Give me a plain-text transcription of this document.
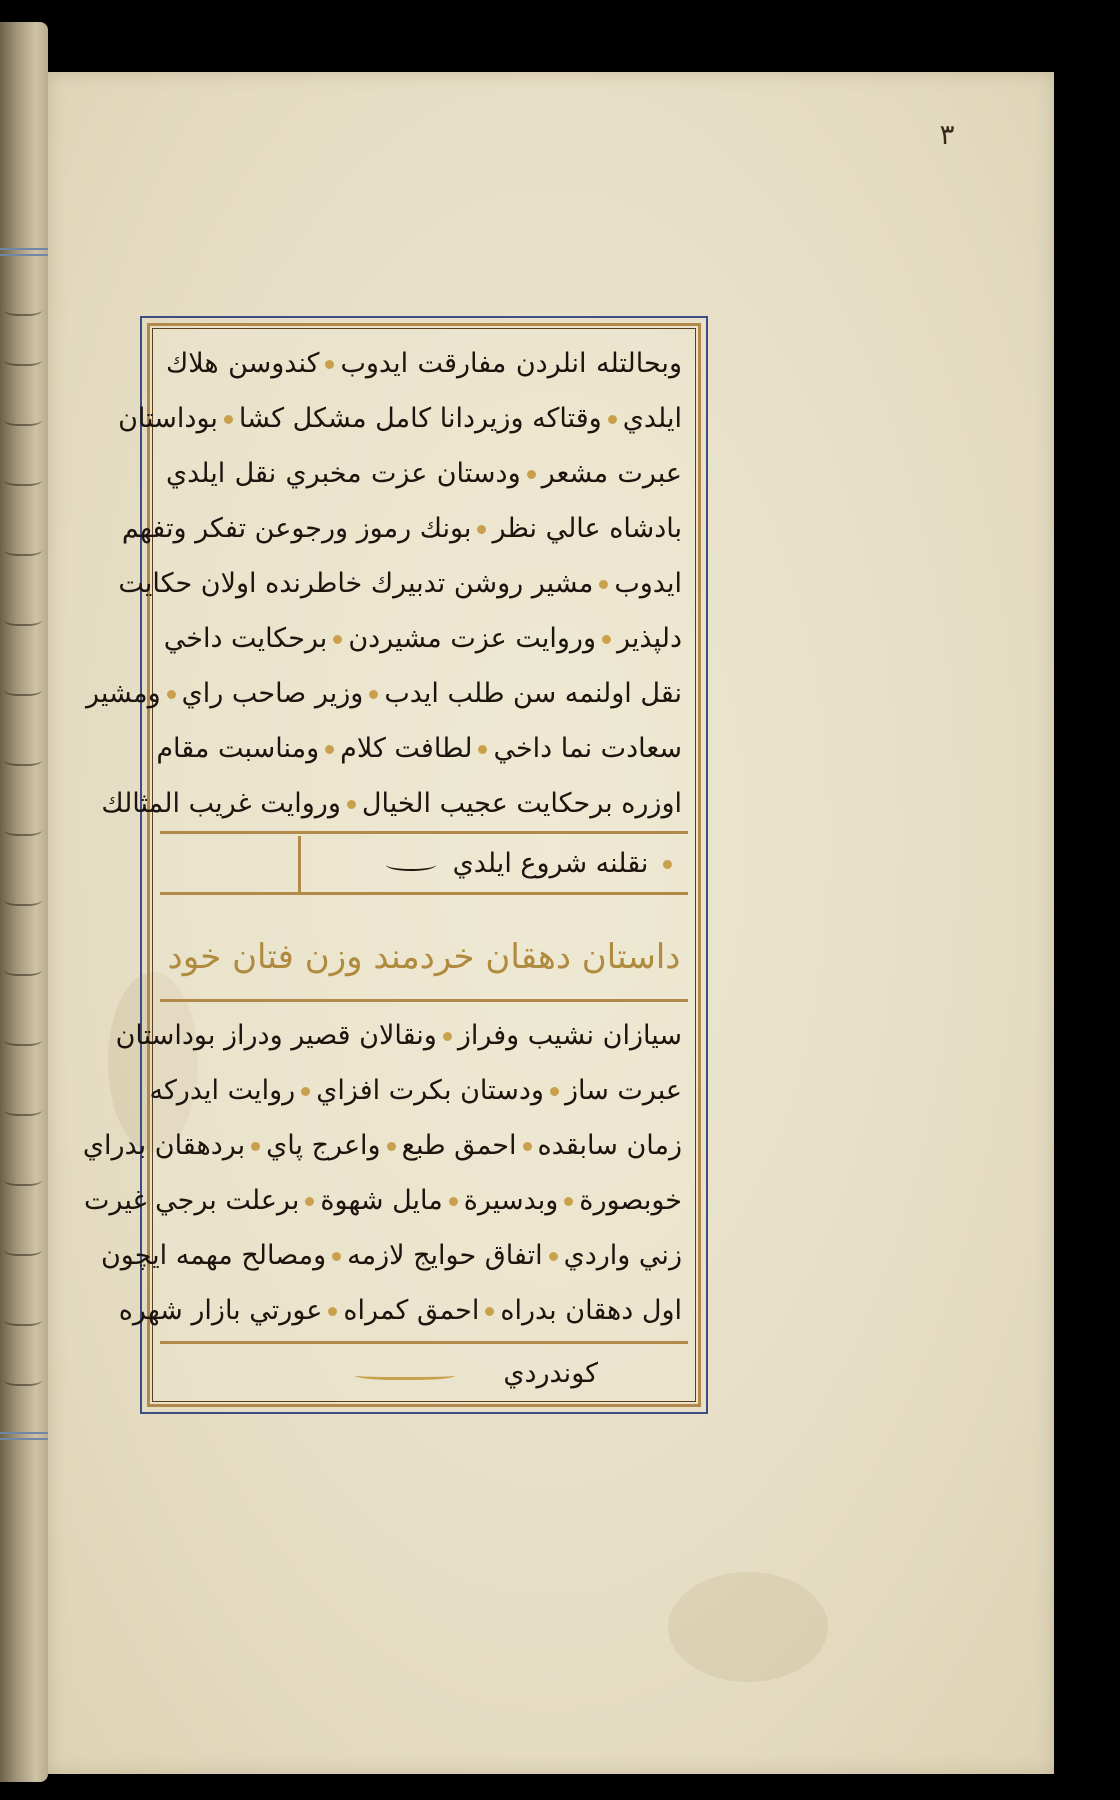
٣
وبحالتله انلردن مفارقت ايدوبكندوسن هلاك
ايلديوقتاكه وزيردانا كامل مشكل كشابوداستان
عبرت مشعرودستان عزت مخبري نقل ايلدي
بادشاه عالي نظربونك رموز ورجوعن تفكر وتفهم
ايدوبمشير روشن تدبيرك خاطرنده اولان حكايت
دلپذيروروايت عزت مشيردنبرحكايت داخي
نقل اولنمه سن طلب ايدبوزير صاحب رايومشير
سعادت نما داخيلطافت كلامومناسبت مقام
اوزره برحكايت عجيب الخيالوروايت غريب المثالك
نقلنه شروع ايلدي
داستان دهقان خردمند وزن فتان خود
سيازان نشيب وفرازونقالان قصير ودراز بوداستان
عبرت سازودستان بكرت افزايروايت ايدركه
زمان سابقدهاحمق طبعواعرج پايبردهقان بدراي
خوبصورةوبدسيرةمايل شهوةبرعلت برجي غيرت
زني واردياتفاق حوايج لازمهومصالح مهمه ايچون
اول دهقان بدراهاحمق كمراهعورتي بازار شهره
كوندردي
